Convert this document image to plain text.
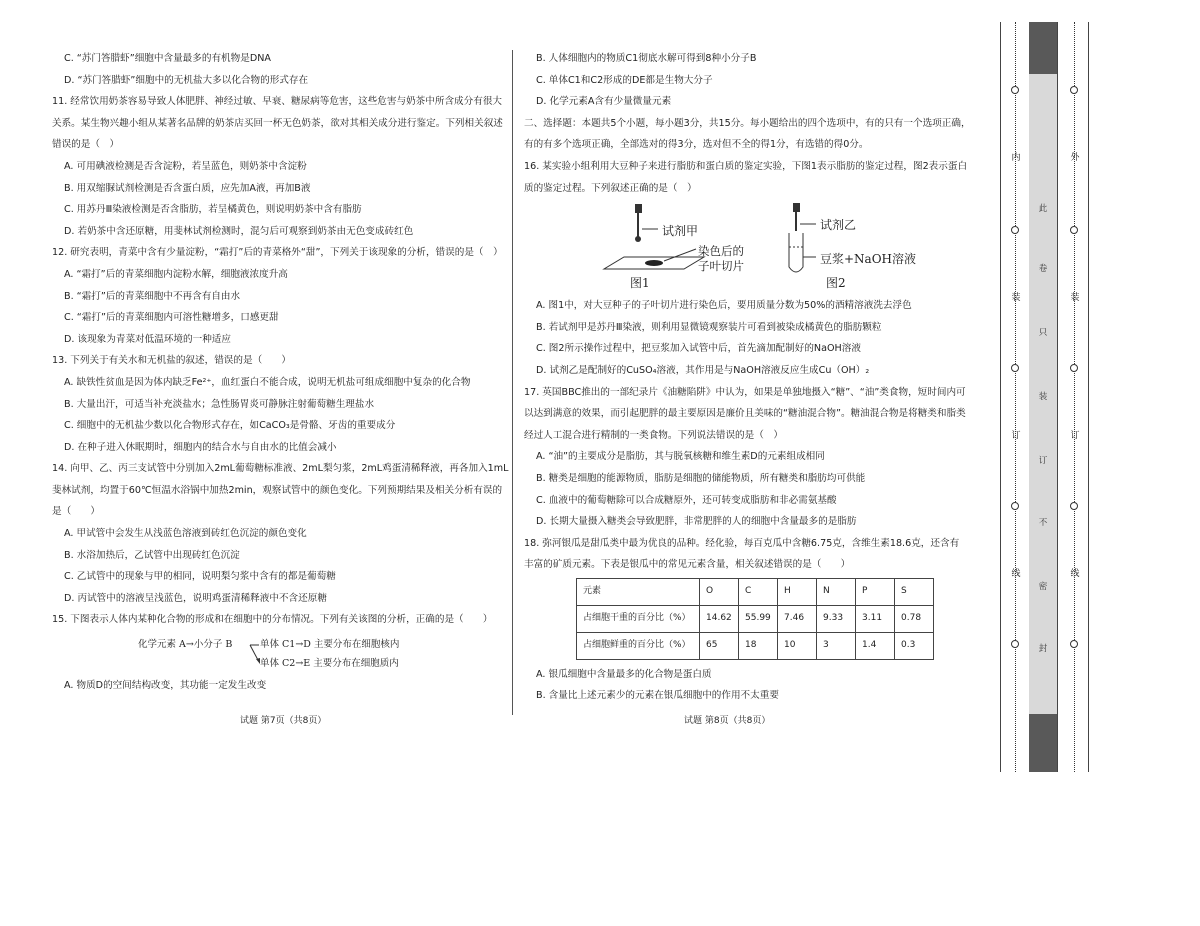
C. “苏门答腊虾”细胞中含量最多的有机物是DNA
D. “苏门答腊虾”细胞中的无机盐大多以化合物的形式存在
11. 经常饮用奶茶容易导致人体肥胖、神经过敏、早衰、糖尿病等危害，这些危害与奶茶中所含成分有很大
关系。某生物兴趣小组从某著名品牌的奶茶店买回一杯无色奶茶，欲对其相关成分进行鉴定。下列相关叙述
错误的是（　）
A. 可用碘液检测是否含淀粉，若呈蓝色，则奶茶中含淀粉
B. 用双缩脲试剂检测是否含蛋白质，应先加A液，再加B液
C. 用苏丹Ⅲ染液检测是否含脂肪，若呈橘黄色，则说明奶茶中含有脂肪
D. 若奶茶中含还原糖，用斐林试剂检测时，混匀后可观察到奶茶由无色变成砖红色
12. 研究表明，青菜中含有少量淀粉，“霜打”后的青菜格外“甜”，下列关于该现象的分析，错误的是（　）
A. “霜打”后的青菜细胞内淀粉水解，细胞液浓度升高
B. “霜打”后的青菜细胞中不再含有自由水
C. “霜打”后的青菜细胞内可溶性糖增多，口感更甜
D. 该现象为青菜对低温环境的一种适应
13. 下列关于有关水和无机盐的叙述，错误的是（　　）
A. 缺铁性贫血是因为体内缺乏Fe²⁺，血红蛋白不能合成，说明无机盐可组成细胞中复杂的化合物
B. 大量出汗，可适当补充淡盐水；急性肠胃炎可静脉注射葡萄糖生理盐水
C. 细胞中的无机盐少数以化合物形式存在，如CaCO₃是骨骼、牙齿的重要成分
D. 在种子进入休眠期时，细胞内的结合水与自由水的比值会减小
14. 向甲、乙、丙三支试管中分别加入2mL葡萄糖标准液、2mL梨匀浆，2mL鸡蛋清稀释液，再各加入1mL
斐林试剂，均置于60℃恒温水浴锅中加热2min，观察试管中的颜色变化。下列预期结果及相关分析有误的
是（　　）
A. 甲试管中会发生从浅蓝色溶液到砖红色沉淀的颜色变化
B. 水浴加热后，乙试管中出现砖红色沉淀
C. 乙试管中的现象与甲的相同，说明梨匀浆中含有的都是葡萄糖
D. 丙试管中的溶液呈浅蓝色，说明鸡蛋清稀释液中不含还原糖
15. 下图表示人体内某种化合物的形成和在细胞中的分布情况。下列有关该图的分析，正确的是（　　）
化学元素 A→小分子 B	单体 C1→D 主要分布在细胞核内
单体 C2→E 主要分布在细胞质内
A. 物质D的空间结构改变，其功能一定发生改变
B. 人体细胞内的物质C1彻底水解可得到8种小分子B
C. 单体C1和C2形成的DE都是生物大分子
D. 化学元素A含有少量微量元素
二、选择题：本题共5个小题，每小题3分，共15分。每小题给出的四个选项中，有的只有一个选项正确，
有的有多个选项正确，全部选对的得3分，选对但不全的得1分，有选错的得0分。
16. 某实验小组利用大豆种子来进行脂肪和蛋白质的鉴定实验，下图1表示脂肪的鉴定过程，图2表示蛋白
质的鉴定过程。下列叙述正确的是（　）
试剂甲
染色后的
子叶切片
图1
试剂乙
豆浆+NaOH溶液
图2
A. 图1中，对大豆种子的子叶切片进行染色后，要用质量分数为50%的酒精溶液洗去浮色
B. 若试剂甲是苏丹Ⅲ染液，则利用显微镜观察装片可看到被染成橘黄色的脂肪颗粒
C. 图2所示操作过程中，把豆浆加入试管中后，首先滴加配制好的NaOH溶液
D. 试剂乙是配制好的CuSO₄溶液，其作用是与NaOH溶液反应生成Cu（OH）₂
17. 英国BBC推出的一部纪录片《油糖陷阱》中认为，如果是单独地摄入“糖”、“油”类食物，短时间内可
以达到满意的效果，而引起肥胖的最主要原因是廉价且美味的“糖油混合物”。糖油混合物是将糖类和脂类
经过人工混合进行精制的一类食物。下列说法错误的是（　）
A. “油”的主要成分是脂肪，其与脱氧核糖和维生素D的元素组成相同
B. 糖类是细胞的能源物质，脂肪是细胞的储能物质，所有糖类和脂肪均可供能
C. 血液中的葡萄糖除可以合成糖原外，还可转变成脂肪和非必需氨基酸
D. 长期大量摄入糖类会导致肥胖，非常肥胖的人的细胞中含量最多的是脂肪
18. 弥河银瓜是甜瓜类中最为优良的品种。经化验，每百克瓜中含糖6.75克，含维生素18.6克，还含有
丰富的矿质元素。下表是银瓜中的常见元素含量，相关叙述错误的是（　　）
元素	O	C	H	N	P	S
占细胞干重的百分比（%）	14.62	55.99	7.46	9.33	3.11	0.78
占细胞鲜重的百分比（%）	65	18	10	3	1.4	0.3
A. 银瓜细胞中含量最多的化合物是蛋白质
B. 含量比上述元素少的元素在银瓜细胞中的作用不太重要
试题 第7页（共8页）	试题 第8页（共8页）
内
装
订
线
外
装
订
线
此
卷
只
装
订
不
密
封
